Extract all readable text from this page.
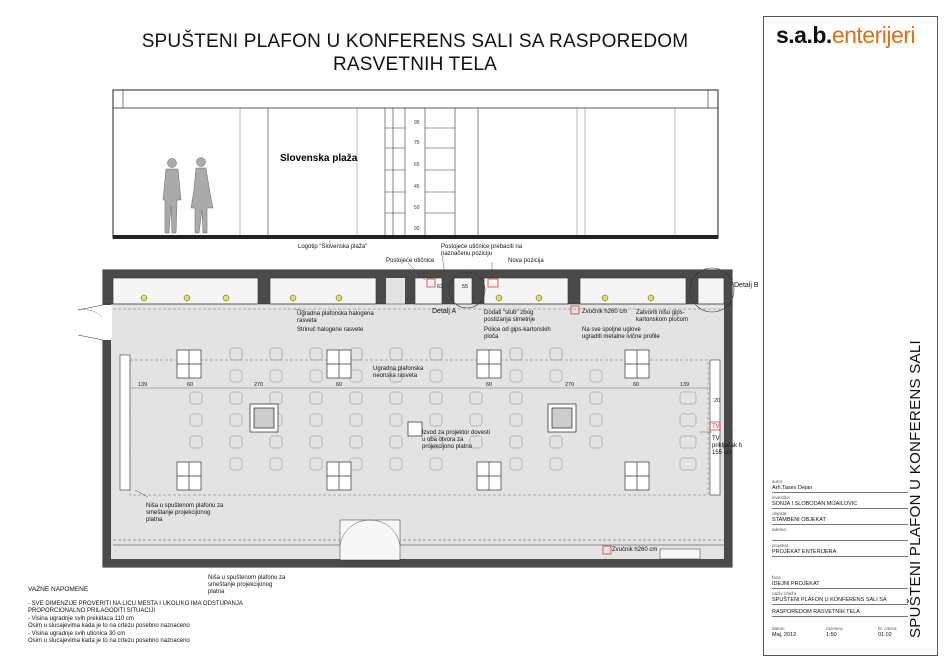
SPUŠTENI PLAFON U KONFERENS SALI SA RASPOREDOM
RASVETNIH TELA
Slovenska plaža
95
75
65
45
50
90
139	60	270	60	60	270	60	139
62	55
20
Logotip "Slovenska plaža"
Postojeće utičnice
Postojeće utičnice prebaciti na naznačenu poziciju
Nova pozicija
Detalj B
Detalj A
Ugradna plafonska halogena rasveta
Strinuč halogene rasvete
Dodati "stub" zbog postizanja simetrije
Police od gips-kartonskih ploča
Zvučnik h260 cm Zatvoriti nišu gips-kartonskom pločom
Na sve spoljne uglove ugraditi metalne ivične profile
Ugradna plafonska neonska rasveta
Izvod za projektor dovesti u oba otvora za projekcijono platno
TV
TV priključak h 155 cm
Niša u spuštenom plafonu za smeštanje projekcijonog platna
Niša u spuštenom plafonu za smeštanje projekcijonog platna
Zvučnik h260 cm
VAZNE NAPOMENE
- SVE DIMENZIJE PROVERITI NA LICU MESTA I UKOLIKO IMA ODSTUPANJA
PROPORCIONALNO PRILAGODITI SITUACIJI
- Visina ugradnje svih prekidaca 110 cm
Osim u slucajevima kada je to na crtezu posebno naznaceno
- Visina ugradnje svih uticnica 30 cm
Osim u slucajevima kada je to na crtezu posebno naznaceno
s.a.b.enterijeri
SPUŠTENI PLAFON U KONFERENS SALI
autor
Arh.Tasev Dejan
investitor
SONJA I SLOBODAN MIJAILOVIC
objekat
STAMBENI OBJEKAT
adresa
projekat
PROJEKAT ENTERIJERA
faza
IDEJNI PROJEKAT
naziv crteža
SPUŠTENI PLAFON U KONFERENS SALI SA
RASPOREDOM RASVETNIH TELA
datum
Maj, 2012
razmera
1:50
br. crteza
01.02
